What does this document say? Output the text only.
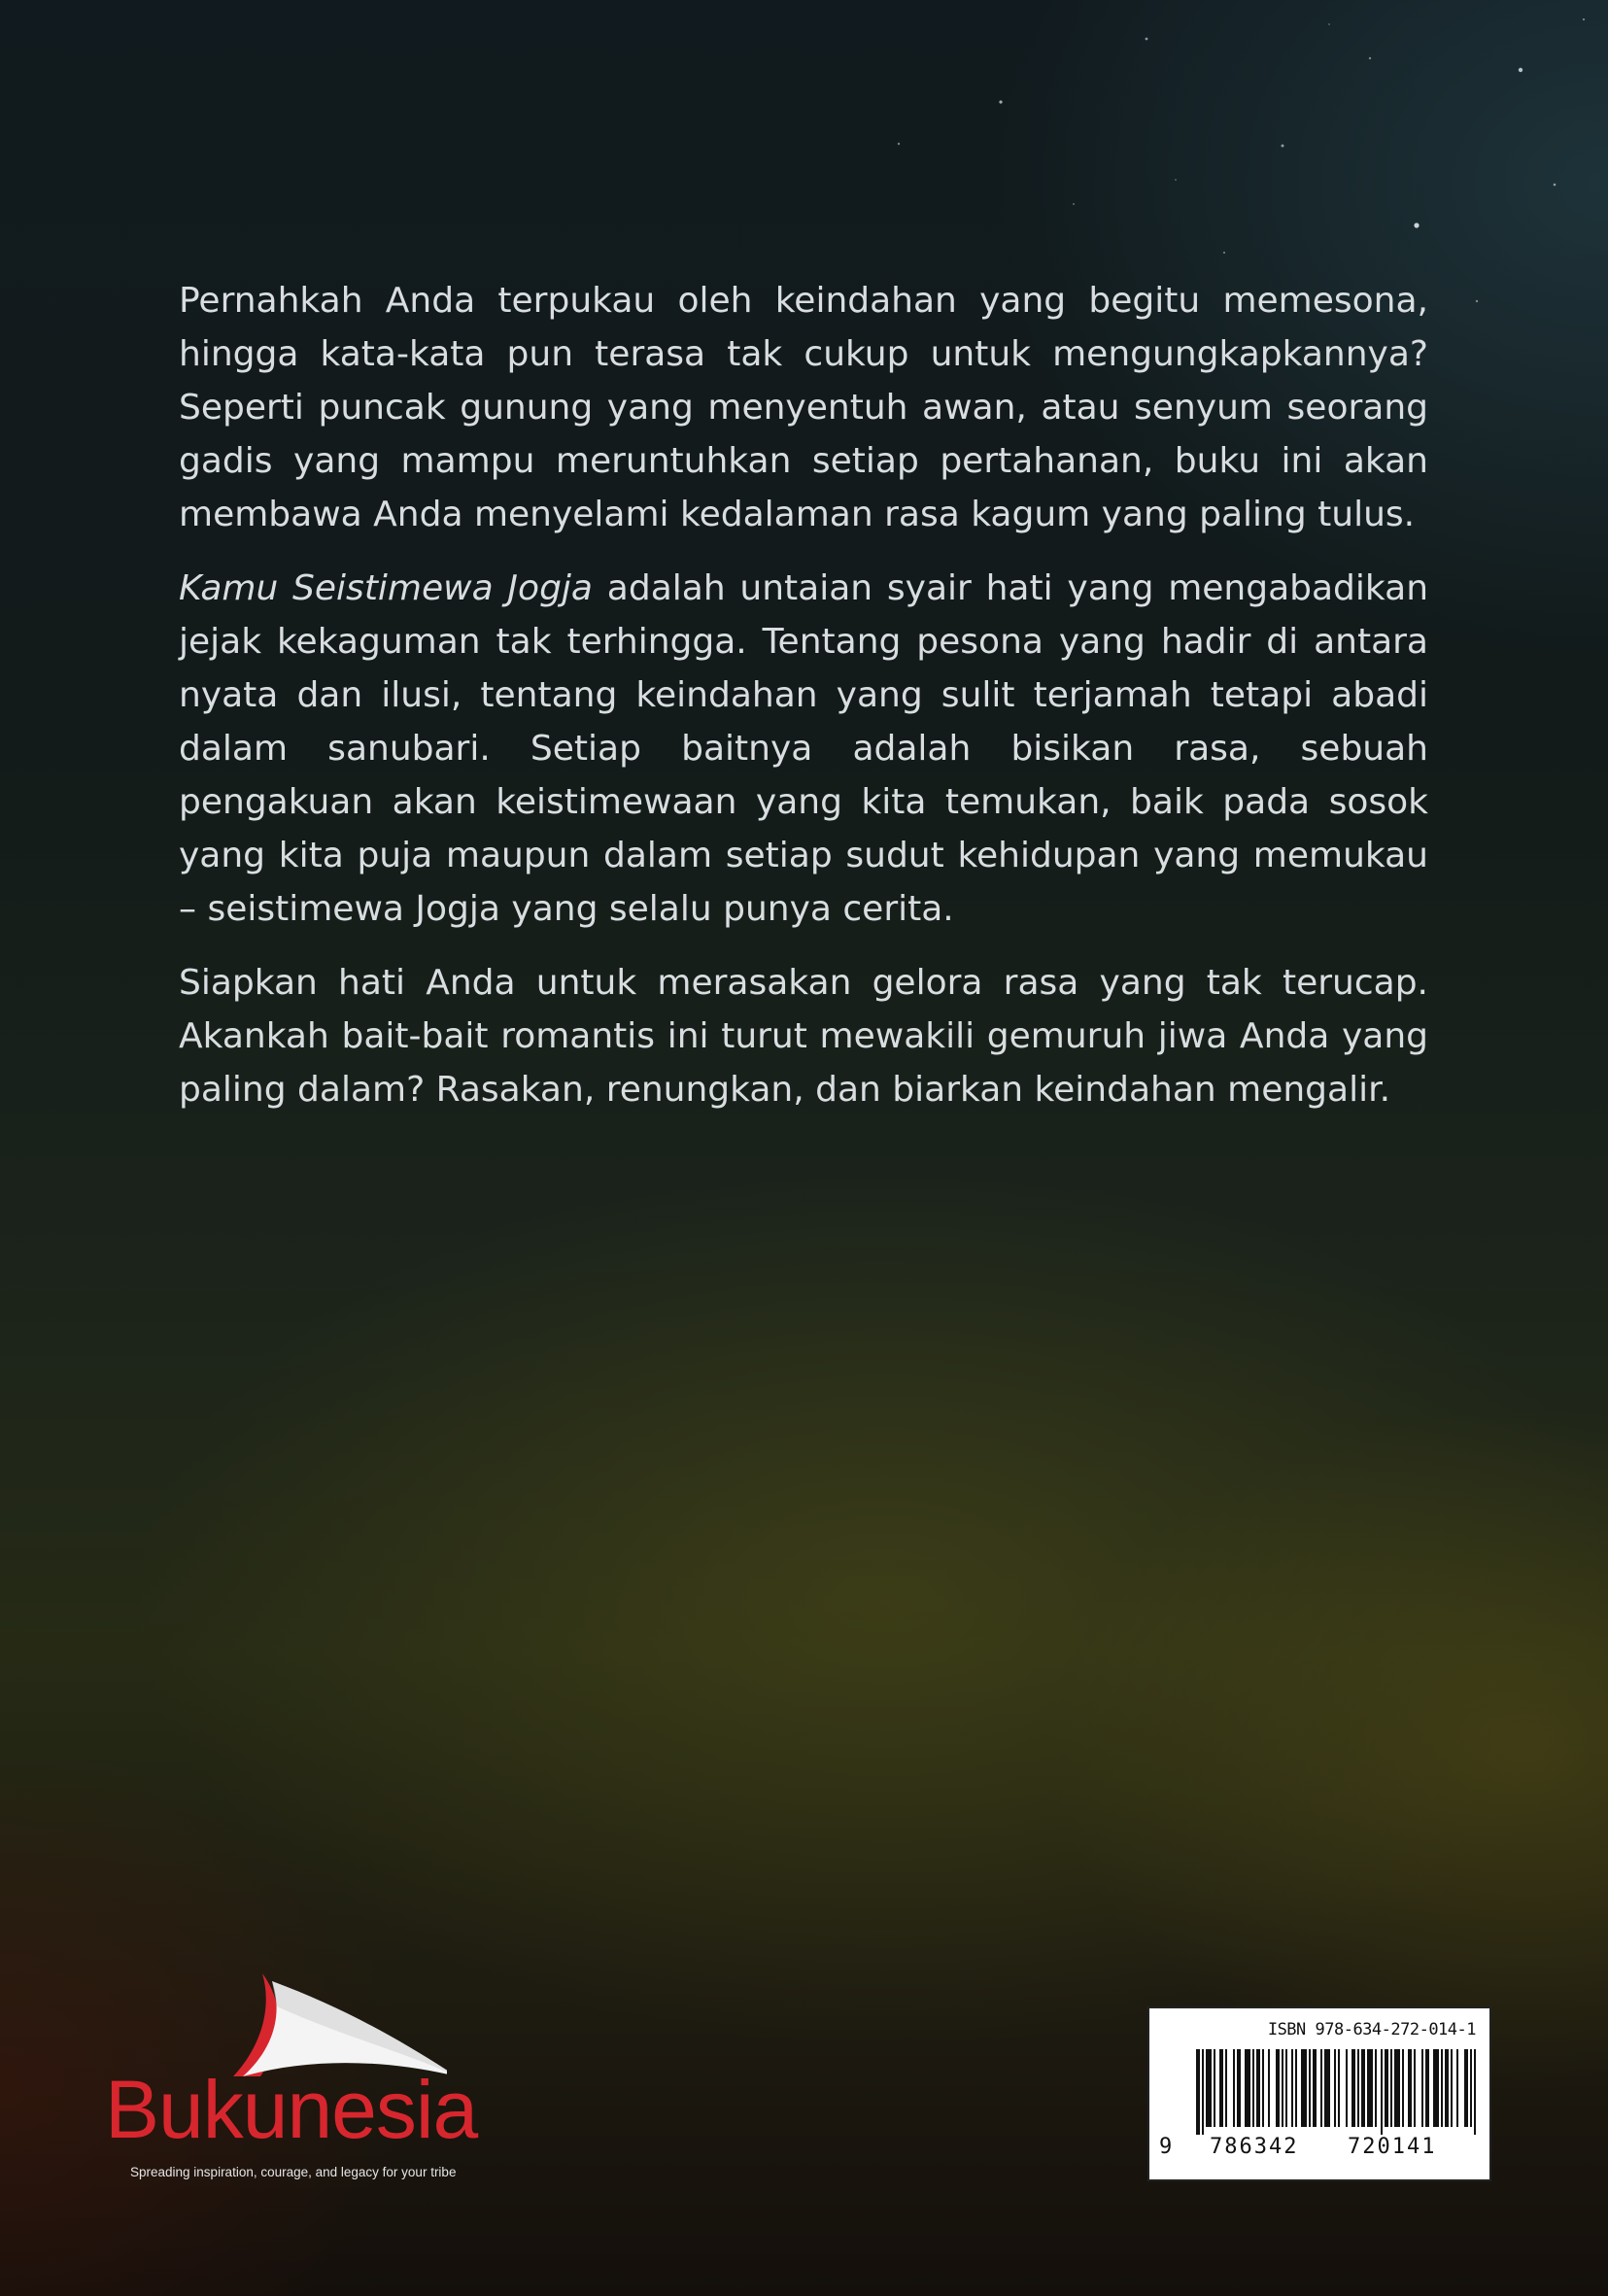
Pernahkah Anda terpukau oleh keindahan yang begitu memesona, hingga kata-kata pun terasa tak cukup untuk mengungkapkannya? Seperti puncak gunung yang menyentuh awan, atau senyum seorang gadis yang mampu meruntuhkan setiap pertahanan, buku ini akan membawa Anda menyelami kedalaman rasa kagum yang paling tulus.

Kamu Seistimewa Jogja adalah untaian syair hati yang mengabadikan jejak kekaguman tak terhingga. Tentang pesona yang hadir di antara nyata dan ilusi, tentang keindahan yang sulit terjamah tetapi abadi dalam sanubari. Setiap baitnya adalah bisikan rasa, sebuah pengakuan akan keistimewaan yang kita temukan, baik pada sosok yang kita puja maupun dalam setiap sudut kehidupan yang memukau – seistimewa Jogja yang selalu punya cerita.

Siapkan hati Anda untuk merasakan gelora rasa yang tak terucap. Akankah bait-bait romantis ini turut mewakili gemuruh jiwa Anda yang paling dalam? Rasakan, renungkan, dan biarkan keindahan mengalir.

Bukunesia
Spreading inspiration, courage, and legacy for your tribe
ISBN 978-634-272-014-1
9 786342 720141
